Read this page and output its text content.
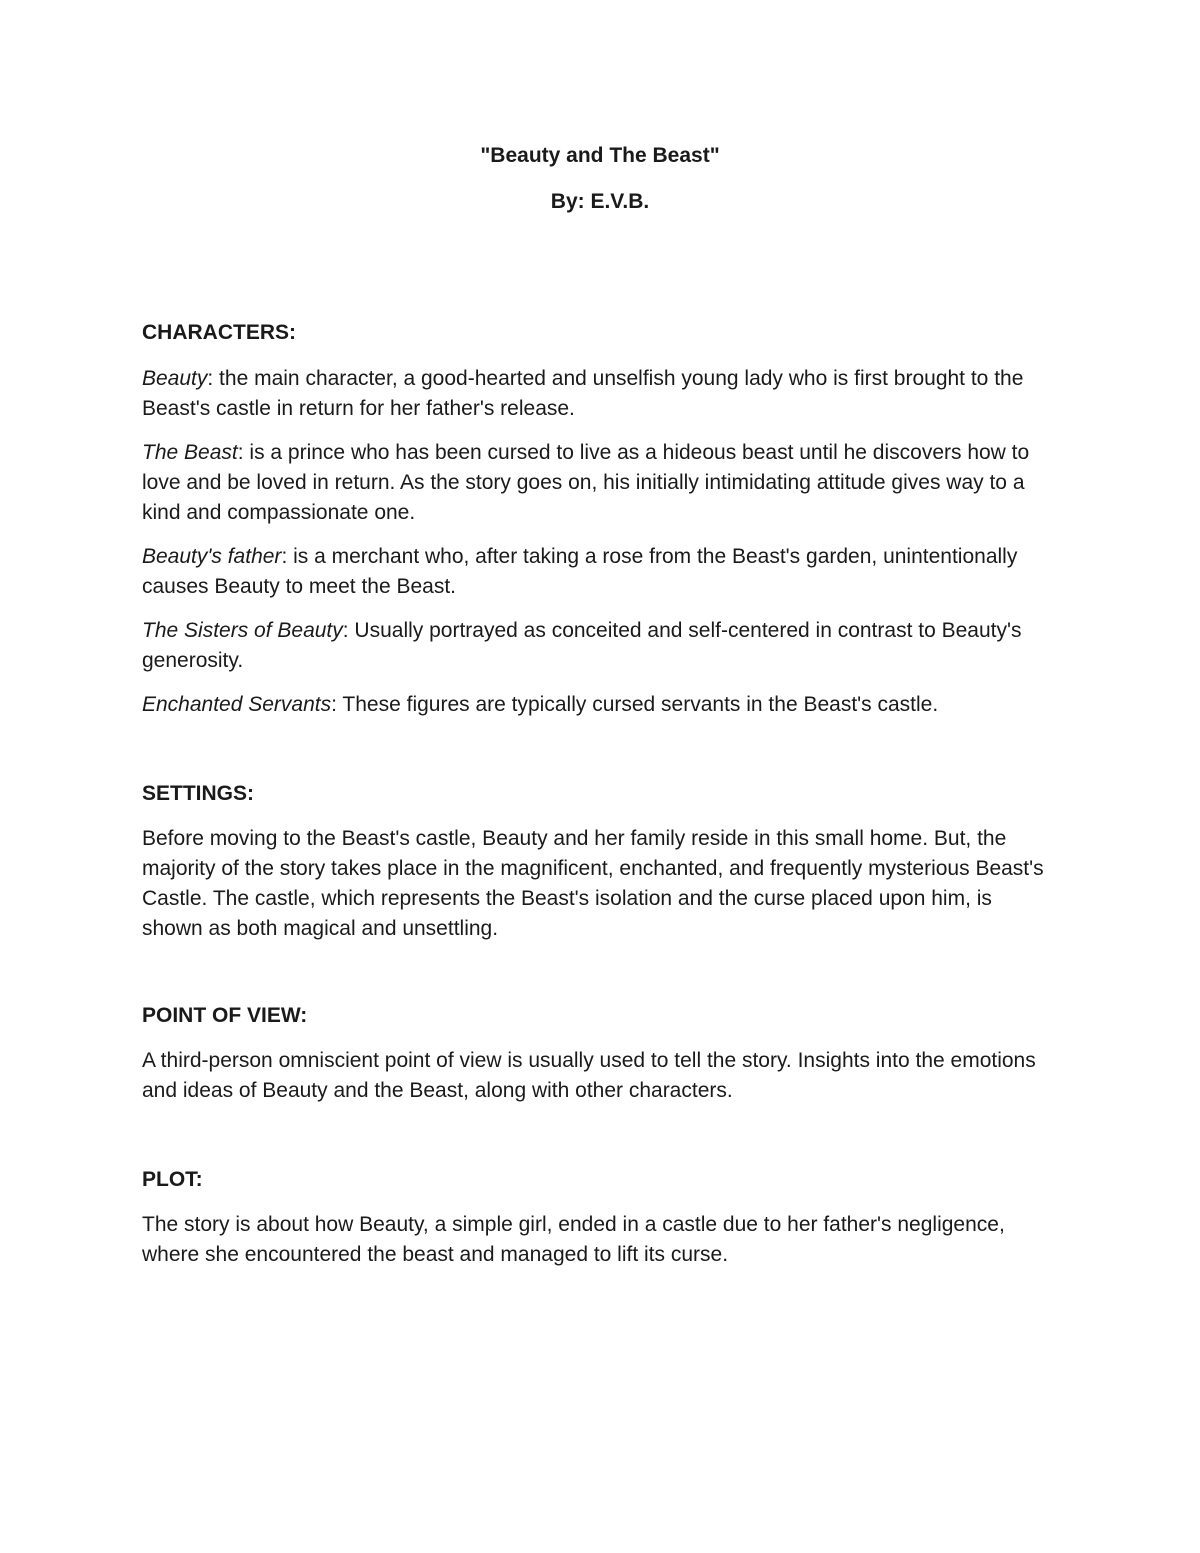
"Beauty and The Beast"
By: E.V.B.
CHARACTERS:

Beauty: the main character, a good-hearted and unselfish young lady who is first brought to the Beast's castle in return for her father's release.

The Beast: is a prince who has been cursed to live as a hideous beast until he discovers how to love and be loved in return. As the story goes on, his initially intimidating attitude gives way to a kind and compassionate one.

Beauty's father: is a merchant who, after taking a rose from the Beast's garden, unintentionally causes Beauty to meet the Beast.

The Sisters of Beauty: Usually portrayed as conceited and self-centered in contrast to Beauty's generosity.

Enchanted Servants: These figures are typically cursed servants in the Beast's castle.

SETTINGS:

Before moving to the Beast's castle, Beauty and her family reside in this small home. But, the majority of the story takes place in the magnificent, enchanted, and frequently mysterious Beast's Castle. The castle, which represents the Beast's isolation and the curse placed upon him, is shown as both magical and unsettling.

POINT OF VIEW:

A third-person omniscient point of view is usually used to tell the story. Insights into the emotions and ideas of Beauty and the Beast, along with other characters.

PLOT:

The story is about how Beauty, a simple girl, ended in a castle due to her father's negligence, where she encountered the beast and managed to lift its curse.
